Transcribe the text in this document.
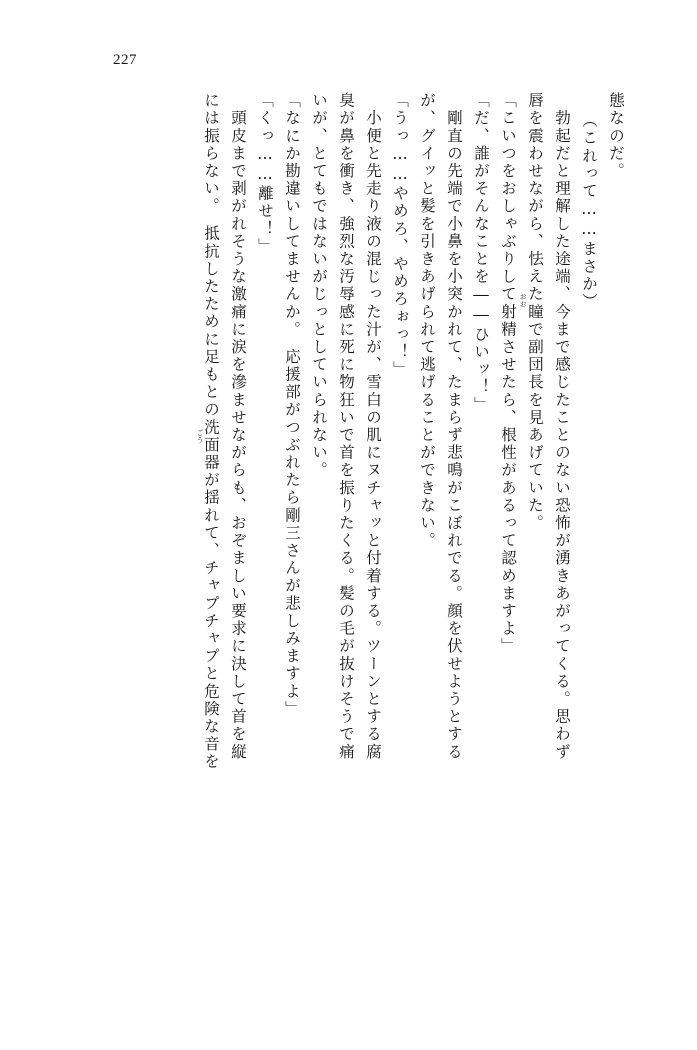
227
態なのだ。
（これって……まさか）
　勃起だと理解した途端、今まで感じたことのない恐怖が湧きあがってくる。思わず
唇を震わせながら、怯えた瞳で副団長を見あげていた。
「こいつをおしゃぶりして射精させたら、根性があるって認めますよ」
「だ、誰がそんなことを――ひいッ！」
　剛直の先端で小鼻を小突かれて、たまらず悲鳴がこぼれでる。顔を伏せようとする
が、グイッと髪を引きあげられて逃げることができない。
「うっ……やめろ、やめろぉっ！」
　小便と先走り液の混じった汁が、雪白の肌にヌチャッと付着する。ツーンとする腐
臭が鼻を衝き、強烈な汚辱感に死に物狂いで首を振りたくる。髪の毛が抜けそうで痛
いが、とてもではないがじっとしていられない。
「なにか勘違いしてませんか。　応援部がつぶれたら剛三さんが悲しみますよ」
「くっ……離せ！」
　頭皮まで剥がれそうな激痛に涙を滲ませながらも、おぞましい要求に決して首を縦
には振らない。　抵抗したために足もとの洗面器が揺れて、チャプチャプと危険な音を	おお
ごう
